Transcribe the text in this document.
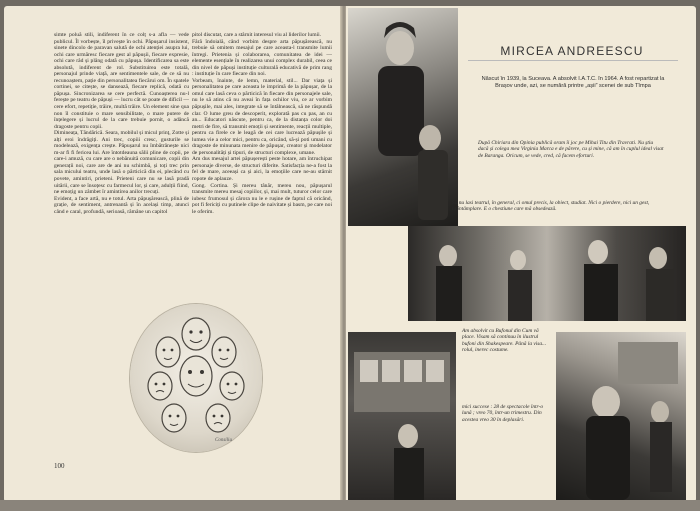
simte poluă stili, indiferent în ce colț s-a afla — vede publicul. Îl vorbește, îl privește în ochi. Păpușarul insistent, sinete dincolo de paravan salută de ochi atenției asupra lui, ochi care urmăresc fiecare gest al păpușii, fiecare expresie, ochi care râd și plâng odată cu păpușa. Identificarea sa este absolută, indiferent de rol. Substituirea este totală, personajul prinde viață, are sentimentele sale, de ce să nu recunoaștem, pație din personalitatea fiecărui om. În spatele cortinei, se citește, se dansează, fiecare replică, odată cu păpușa. Sincronizarea se cere perfectă. Cunoașterea nu-l ferește pe teatru de păpuși — lucru cât se poate de dificil — cere efort, repetiție, trăire, multă trăire. Un element sine qua non îl constituie o mare sensibilitate, o mare putere de înțelegere și lucrul de la care trebuie pornit, o adâncă dragoste pentru copii.
Dimineața, Tăndărică. Seara, mobilul și micul prinț, Zotte și alți eroi îndrăgiți. Ani trec, copiii cresc, gusturile se modelează, exigența crește. Păpușarul nu îmbătrânește nici m-ar fi fi fericea lui. Are întotdeauna sălii pline de copii, pe care-i amuză, cu care are o nebănuită comunicare, copii din generații noi, care are de ani nu schimbă, și toți trec prin sala micului teatru, unde lasă o părticică din ei, plecând cu povete, amintiri, prieteni. Prieteni care nu se lasă pradă uitării, care se însoțesc cu farmecul lor, și care, adulții fiind, ne emoțig un zâmbet îr amintirea anilor trecuți.
Evident, a face artă, nu e totul. Arta păpușărească, plină de grație, de sentiment, antrenantă și în același timp, atunci când e caral, profundă, serioasă, rămâne un capitol
pitol discutat, care a stârnit interesul viu al liderilor lumii.
Fără îndoială, când vorbim despre arta păpușărească, nu trebuie să omitem mesajul pe care aceasta-l transmite lumii întregi. Prietenia și colaborarea, comunitatea de idei — elemente esențiale în realizarea unui complex durabil, ceea ce din nivel de păpuși instituție culturală educativă de prim rang : instituție în care fiecare din noi.
Vorbeam, înainte, de lemn, material, stil... Dar viața și personalitatea pe care aceasta le imprimă de la păpușar, de la omul care lasă ceva o părticică în fiecare din personajele sale, nu le să atins că nu aveai în fața ochilor viu, ce ar vorbim păpușile, mai ales, integrate să se întâlnească, să ne răspundă clar. O lume greu de descoperit, explorată pas cu pas, an cu an... Educatori născute, pentru ca, de la distanța color doi metri de fire, să transmit emoții și sentimente, reacții multiple, pentru ca firele ce le leagă de cei care lucrează păpușile și lumea vie a celor mici, pentru ca, oricând, să-și poti umani cu dragoste de minunata menire de păpușar, creator și modelator de personalități și tipuri, de structuri complexe, umane.
Am dus mesajul artei păpușerești peste hotare, am întruchipat personaje diverse, de structuri diferite. Satisfacția ne-a fost la fel de mare, aceeași ca și aici, la emoțiile care ne-au stârnit ropote de aplauze.
Gong. Cortina. Și mereu tânăr, mereu nou, păpușarul transmite mereu mesaj copiilor, și, mai mult, tuturor celor care iubesc frumosul și cărora nu le e rușine de faptul că oricând, pot fi fericiți cu putinele clipe de naivitate și basm, pe care noi le oferim.
Consiliu
100
MIRCEA ANDREESCU
Născut în 1939, la Suceava. A absolvit I.A.T.C. în 1964. A fost repartizat la Brașov unde, azi, se numără printre „așii” scenei de sub Tîmpa
După Chiriara din Opinia publică oram îi joc pe Mihai Titu din Travrati. Nu știu dacă și colega mea Virginia Marca e de părere, cu și mine, că am în cuplul ideal visat de Baranga. Oricum, se vede, cred, că facem eforturi.
Să nu lasi teatrul, în general, ci omul precis, la obiect, studiat. Nici o pierdere, nici un gest, la întâmplare. E o chestiune care mă obsedează.
Am absolvit cu Bufonul din Cum vă place. Visam să continuu în ilustrul bufoni din Shakespeare. Până la visa... rolul, inerec costume.
mici succese : 28 de spectacole într-o lună ; vreo 70, într-un trimestru. Din acestea vreo 30 în deplasări.
